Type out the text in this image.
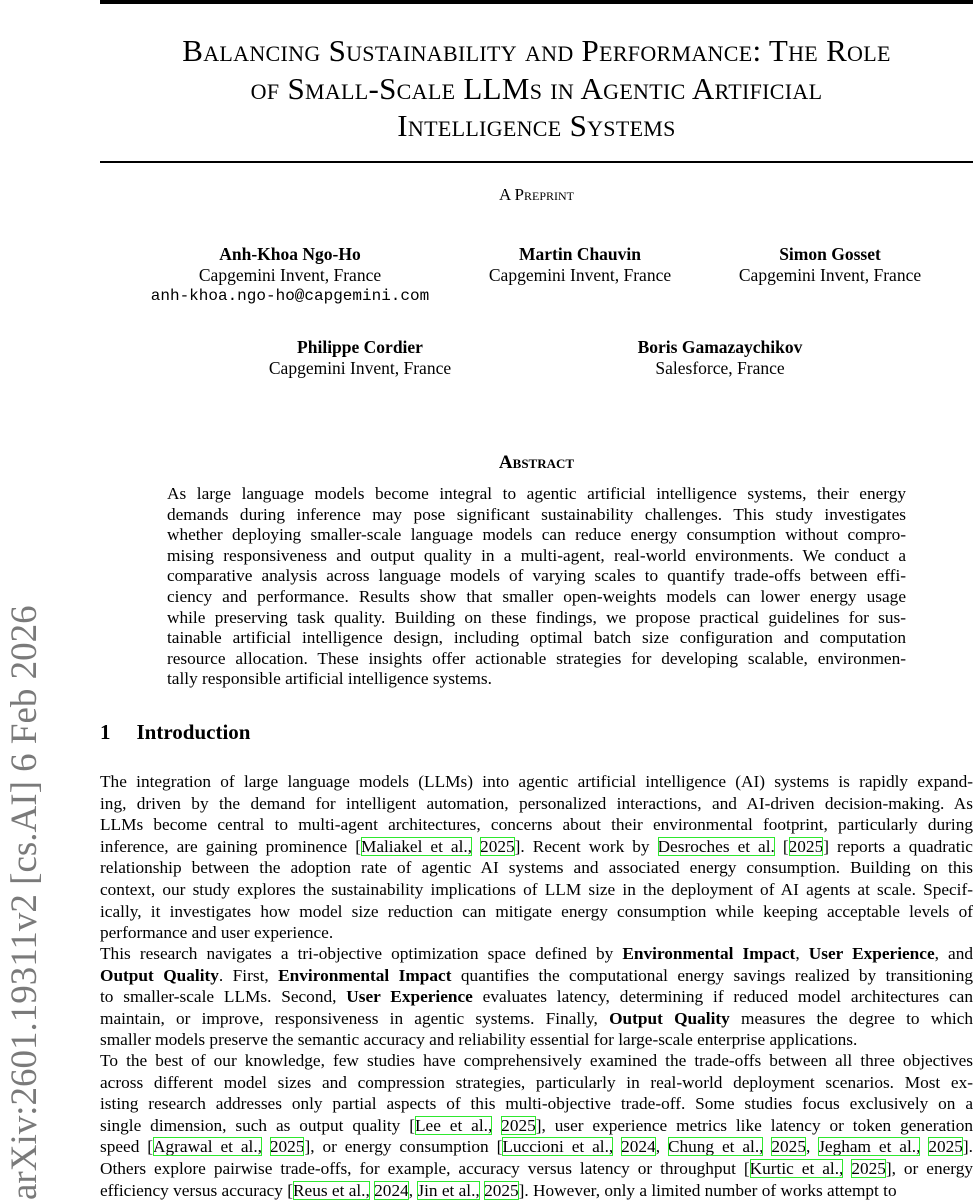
arXiv:2601.19311v2 [cs.AI] 6 Feb 2026
Balancing Sustainability and Performance: The Role
of Small-Scale LLMs in Agentic Artificial
Intelligence Systems
A Preprint
Anh-Khoa Ngo-Ho
Capgemini Invent, France
anh-khoa.ngo-ho@capgemini.com
Martin Chauvin
Capgemini Invent, France
Simon Gosset
Capgemini Invent, France
Philippe Cordier
Capgemini Invent, France
Boris Gamazaychikov
Salesforce, France
Abstract
As large language models become integral to agentic artificial intelligence systems, their energy
demands during inference may pose significant sustainability challenges. This study investigates
whether deploying smaller-scale language models can reduce energy consumption without compro-
mising responsiveness and output quality in a multi-agent, real-world environments. We conduct a
comparative analysis across language models of varying scales to quantify trade-offs between effi-
ciency and performance. Results show that smaller open-weights models can lower energy usage
while preserving task quality. Building on these findings, we propose practical guidelines for sus-
tainable artificial intelligence design, including optimal batch size configuration and computation
resource allocation. These insights offer actionable strategies for developing scalable, environmen-
tally responsible artificial intelligence systems.
1 Introduction
The integration of large language models (LLMs) into agentic artificial intelligence (AI) systems is rapidly expand-
ing, driven by the demand for intelligent automation, personalized interactions, and AI-driven decision-making. As
LLMs become central to multi-agent architectures, concerns about their environmental footprint, particularly during
inference, are gaining prominence [Maliakel et al., 2025]. Recent work by Desroches et al. [2025] reports a quadratic
relationship between the adoption rate of agentic AI systems and associated energy consumption. Building on this
context, our study explores the sustainability implications of LLM size in the deployment of AI agents at scale. Specif-
ically, it investigates how model size reduction can mitigate energy consumption while keeping acceptable levels of
performance and user experience.
This research navigates a tri-objective optimization space defined by Environmental Impact, User Experience, and
Output Quality. First, Environmental Impact quantifies the computational energy savings realized by transitioning
to smaller-scale LLMs. Second, User Experience evaluates latency, determining if reduced model architectures can
maintain, or improve, responsiveness in agentic systems. Finally, Output Quality measures the degree to which
smaller models preserve the semantic accuracy and reliability essential for large-scale enterprise applications.
To the best of our knowledge, few studies have comprehensively examined the trade-offs between all three objectives
across different model sizes and compression strategies, particularly in real-world deployment scenarios. Most ex-
isting research addresses only partial aspects of this multi-objective trade-off. Some studies focus exclusively on a
single dimension, such as output quality [Lee et al., 2025], user experience metrics like latency or token generation
speed [Agrawal et al., 2025], or energy consumption [Luccioni et al., 2024, Chung et al., 2025, Jegham et al., 2025].
Others explore pairwise trade-offs, for example, accuracy versus latency or throughput [Kurtic et al., 2025], or energy
efficiency versus accuracy [Reus et al., 2024, Jin et al., 2025]. However, only a limited number of works attempt to
